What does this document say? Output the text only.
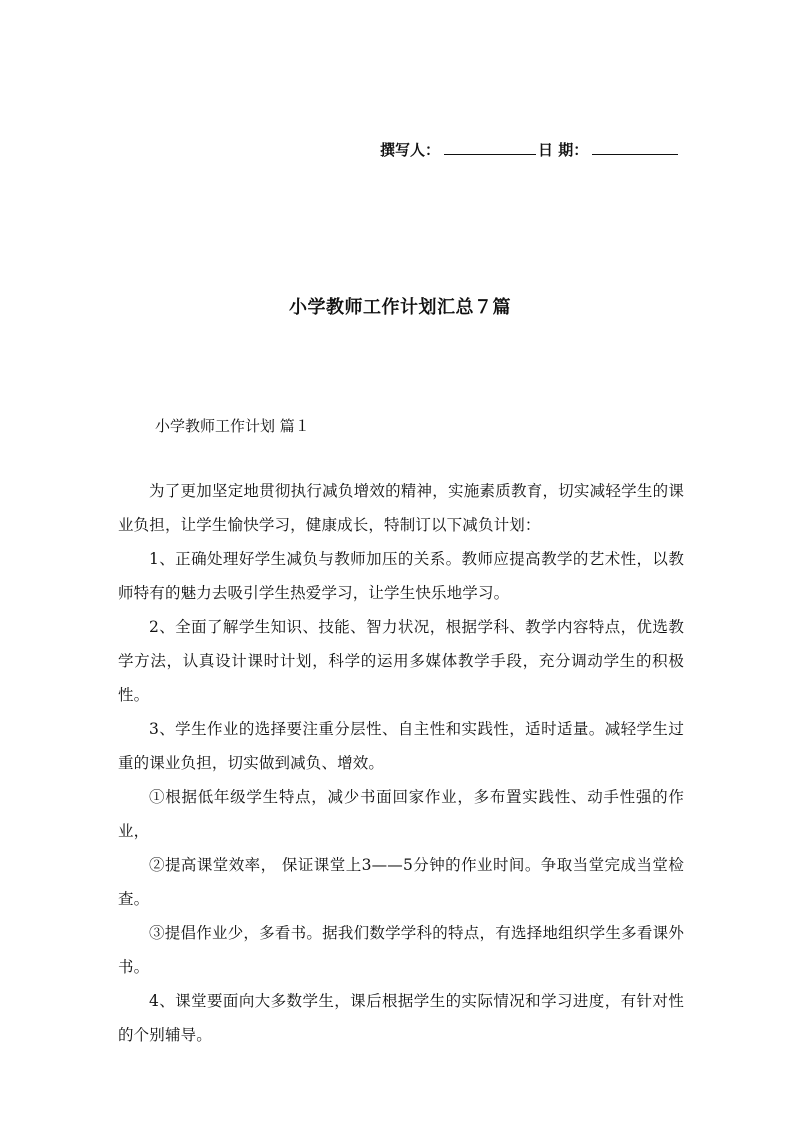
撰写人：	日 期：
小学教师工作计划汇总７篇
小学教师工作计划 篇１

为了更加坚定地贯彻执行减负增效的精神，实施素质教育，切实减轻学生的课业负担，让学生愉快学习，健康成长，特制订以下减负计划：

1、正确处理好学生减负与教师加压的关系。教师应提高教学的艺术性，以教师特有的魅力去吸引学生热爱学习，让学生快乐地学习。

2、全面了解学生知识、技能、智力状况，根据学科、教学内容特点，优选教学方法，认真设计课时计划，科学的运用多媒体教学手段，充分调动学生的积极性。

3、学生作业的选择要注重分层性、自主性和实践性，适时适量。减轻学生过重的课业负担，切实做到减负、增效。

①根据低年级学生特点，减少书面回家作业，多布置实践性、动手性强的作业，

②提高课堂效率， 保证课堂上3——5分钟的作业时间。争取当堂完成当堂检查。

③提倡作业少，多看书。据我们数学学科的特点，有选择地组织学生多看课外书。

4、课堂要面向大多数学生，课后根据学生的实际情况和学习进度，有针对性的个别辅导。
